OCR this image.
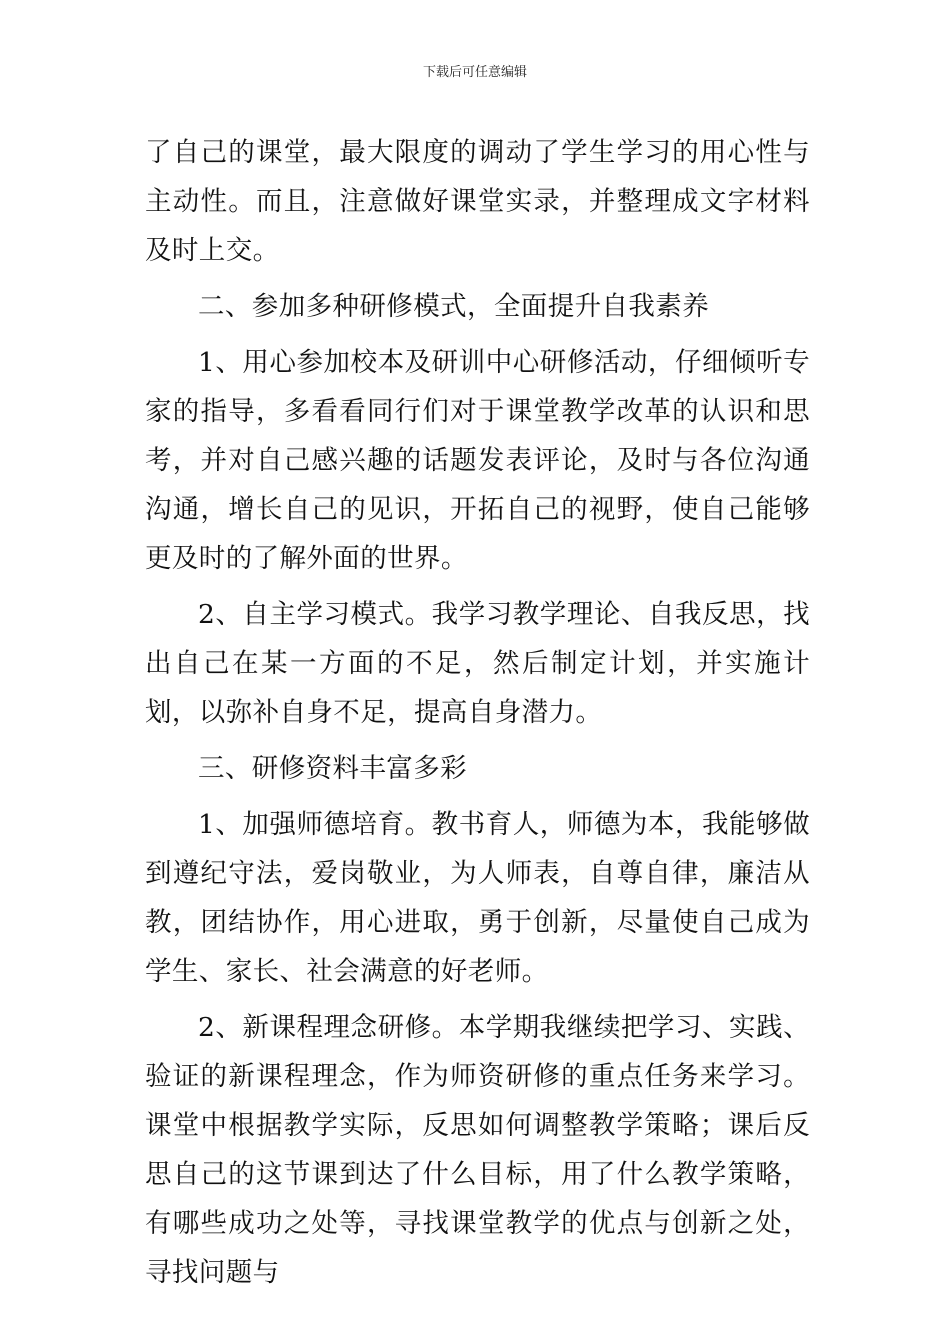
下载后可任意编辑

了自己的课堂，最大限度的调动了学生学习的用心性与主动性。而且，注意做好课堂实录，并整理成文字材料及时上交。

二、参加多种研修模式，全面提升自我素养

1、用心参加校本及研训中心研修活动，仔细倾听专家的指导，多看看同行们对于课堂教学改革的认识和思考，并对自己感兴趣的话题发表评论，及时与各位沟通沟通，增长自己的见识，开拓自己的视野，使自己能够更及时的了解外面的世界。

2、自主学习模式。我学习教学理论、自我反思，找出自己在某一方面的不足，然后制定计划，并实施计划，以弥补自身不足，提高自身潜力。

三、研修资料丰富多彩

1、加强师德培育。教书育人，师德为本，我能够做到遵纪守法，爱岗敬业，为人师表，自尊自律，廉洁从教，团结协作，用心进取，勇于创新，尽量使自己成为学生、家长、社会满意的好老师。

2、新课程理念研修。本学期我继续把学习、实践、验证的新课程理念，作为师资研修的重点任务来学习。课堂中根据教学实际，反思如何调整教学策略；课后反思自己的这节课到达了什么目标，用了什么教学策略，有哪些成功之处等，寻找课堂教学的优点与创新之处，寻找问题与
